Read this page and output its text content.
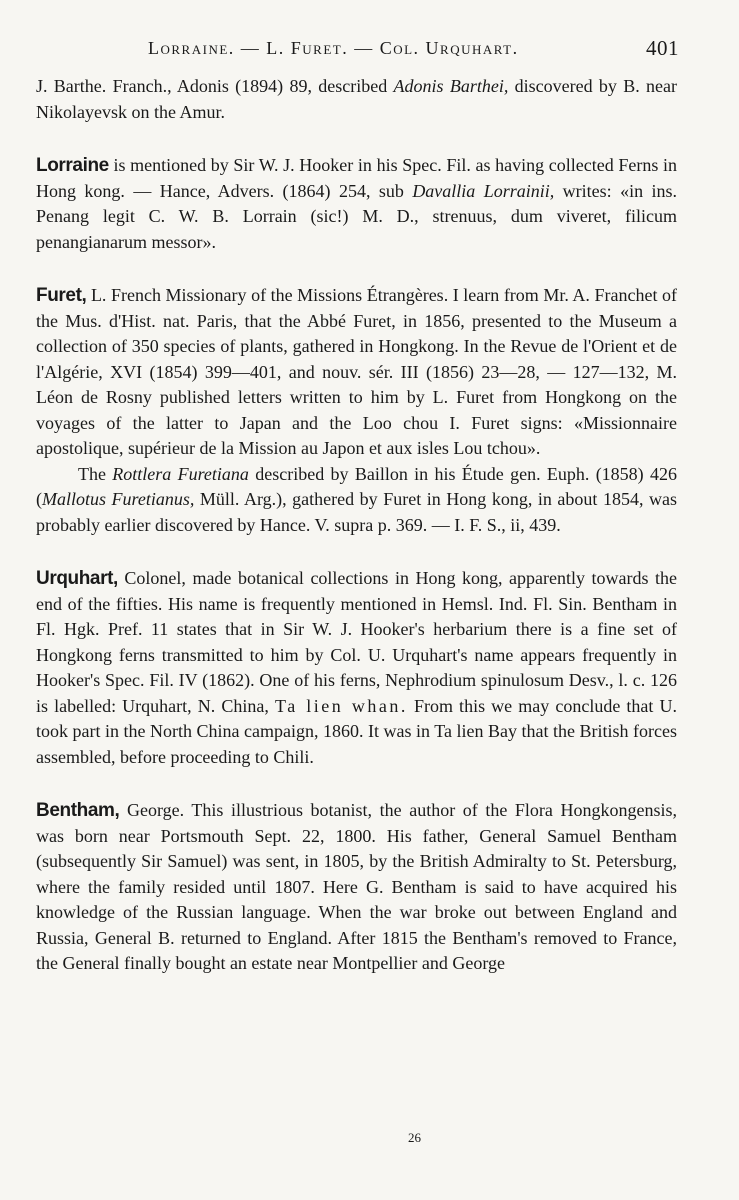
Lorraine. — L. Furet. — Col. Urquhart.	401

J. Barthe. Franch., Adonis (1894) 89, described Adonis Barthei, discovered by B. near Nikolayevsk on the Amur.

Lorraine is mentioned by Sir W. J. Hooker in his Spec. Fil. as having collected Ferns in Hong kong. — Hance, Advers. (1864) 254, sub Davallia Lorrainii, writes: «in ins. Penang legit C. W. B. Lorrain (sic!) M. D., strenuus, dum viveret, filicum penangianarum messor».

Furet, L. French Missionary of the Missions Étrangères. I learn from Mr. A. Franchet of the Mus. d'Hist. nat. Paris, that the Abbé Furet, in 1856, presented to the Museum a collection of 350 species of plants, gathered in Hongkong. In the Revue de l'Orient et de l'Algérie, XVI (1854) 399—401, and nouv. sér. III (1856) 23—28, — 127—132, M. Léon de Rosny published letters written to him by L. Furet from Hongkong on the voyages of the latter to Japan and the Loo chou I. Furet signs: «Missionnaire apostolique, supérieur de la Mission au Japon et aux isles Lou tchou».

The Rottlera Furetiana described by Baillon in his Étude gen. Euph. (1858) 426 (Mallotus Furetianus, Müll. Arg.), gathered by Furet in Hong kong, in about 1854, was probably earlier discovered by Hance. V. supra p. 369. — I. F. S., ii, 439.

Urquhart, Colonel, made botanical collections in Hong kong, apparently towards the end of the fifties. His name is frequently mentioned in Hemsl. Ind. Fl. Sin. Bentham in Fl. Hgk. Pref. 11 states that in Sir W. J. Hooker's herbarium there is a fine set of Hongkong ferns transmitted to him by Col. U. Urquhart's name appears frequently in Hooker's Spec. Fil. IV (1862). One of his ferns, Nephrodium spinulosum Desv., l. c. 126 is labelled: Urquhart, N. China, Ta lien whan. From this we may conclude that U. took part in the North China campaign, 1860. It was in Ta lien Bay that the British forces assembled, before proceeding to Chili.

Bentham, George. This illustrious botanist, the author of the Flora Hongkongensis, was born near Portsmouth Sept. 22, 1800. His father, General Samuel Bentham (subsequently Sir Samuel) was sent, in 1805, by the British Admiralty to St. Petersburg, where the family resided until 1807. Here G. Bentham is said to have acquired his knowledge of the Russian language. When the war broke out between England and Russia, General B. returned to England. After 1815 the Bentham's removed to France, the General finally bought an estate near Montpellier and George

26
